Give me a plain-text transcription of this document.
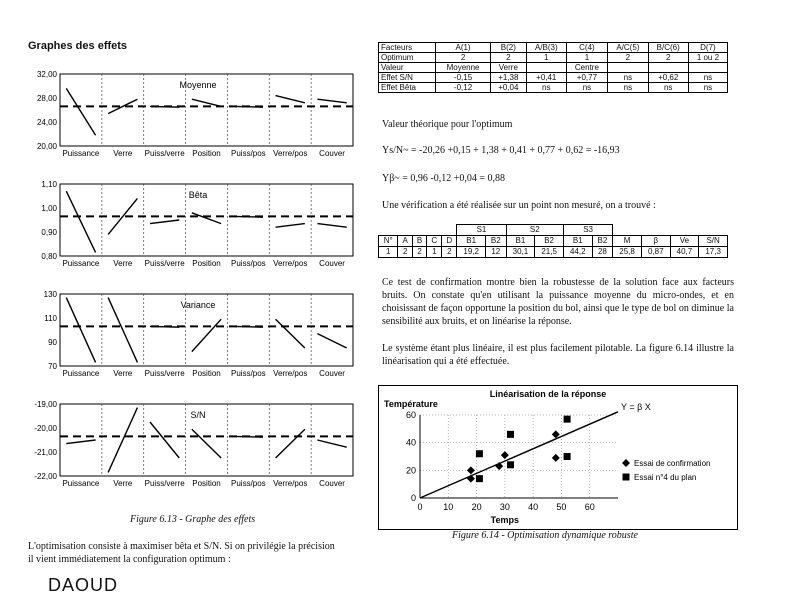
Graphes des effets
32,00
28,00
24,00
20,00
Moyenne
Puissance Verre Puiss/verre Position Puiss/pos Verre/pos Couver
1,10
1,00
0,90
0,80
Bêta
Puissance Verre Puiss/verre Position Puiss/pos Verre/pos Couver
130
110
90
70
Variance
Puissance Verre Puiss/verre Position Puiss/pos Verre/pos Couver
-19,00
-20,00
-21,00
-22,00
S/N
Puissance Verre Puiss/verre Position Puiss/pos Verre/pos Couver
Figure 6.13 - Graphe des effets
L'optimisation consiste à maximiser bêta et S/N. Si on privilégie la précision
il vient immédiatement la configuration optimum :
Facteurs	A(1)	B(2)	A/B(3)	C(4)	A/C(5)	B/C(6)	D(7)
Optimum	2	2	1	1	2	2	1 ou 2
Valeur	Moyenne	Verre		Centre			
Effet S/N	-0,15	+1,38	+0,41	+0,77	ns	+0,62	ns
Effet Bêta	-0,12	+0,04	ns	ns	ns	ns	ns
Valeur théorique pour l'optimum
Ys/N~ = -20,26 +0,15 + 1,38 + 0,41 + 0,77 + 0,62 = -16,93
Yβ~ = 0,96 -0,12 +0,04 = 0,88
Une vérification a été réalisée sur un point non mesuré, on a trouvé :
					S1		S2		S3					
N°	A	B	C	D	B1	B2	B1	B2	B1	B2	M	β	Ve	S/N
1	2	2	1	2	19,2	12	30,1	21,5	44,2	28	25,8	0,87	40,7	17,3
Ce test de confirmation montre bien la robustesse de la solution face aux facteurs bruits. On constate qu'en utilisant la puissance moyenne du micro-ondes, et en choisissant de façon opportune la position du bol, ainsi que le type de bol on diminue la sensibilité aux bruits, et on linéarise la réponse.
Le système étant plus linéaire, il est plus facilement pilotable. La figure 6.14 illustre la linéarisation qui a été effectuée.
0
20
40
60
0 10 20 30 40 50 60
Linéarisation de la réponse
Température
Temps
Y = β X
Essai de confirmation
Essai n°4 du plan
Figure 6.14 - Optimisation dynamique robuste
DAOUD
